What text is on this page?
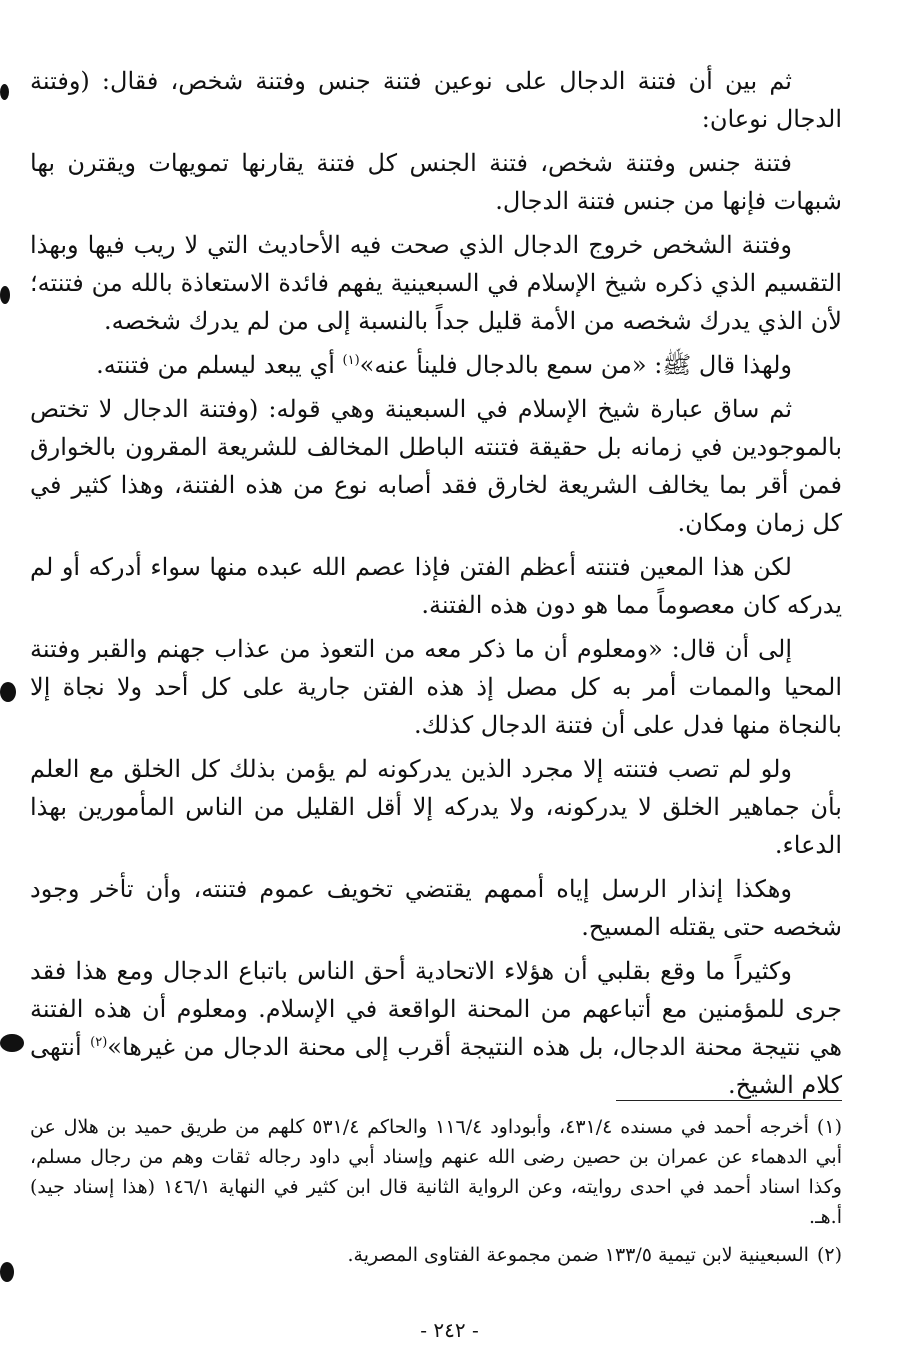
ثم بين أن فتنة الدجال على نوعين فتنة جنس وفتنة شخص، فقال: (وفتنة الدجال نوعان:

فتنة جنس وفتنة شخص، فتنة الجنس كل فتنة يقارنها تمويهات ويقترن بها شبهات فإنها من جنس فتنة الدجال.

وفتنة الشخص خروج الدجال الذي صحت فيه الأحاديث التي لا ريب فيها وبهذا التقسيم الذي ذكره شيخ الإسلام في السبعينية يفهم فائدة الاستعاذة بالله من فتنته؛ لأن الذي يدرك شخصه من الأمة قليل جداً بالنسبة إلى من لم يدرك شخصه.

ولهذا قال ﷺ: «من سمع بالدجال فلينأ عنه»$^{(١)}$ أي يبعد ليسلم من فتنته.

ثم ساق عبارة شيخ الإسلام في السبعينة وهي قوله: (وفتنة الدجال لا تختص بالموجودين في زمانه بل حقيقة فتنته الباطل المخالف للشريعة المقرون بالخوارق فمن أقر بما يخالف الشريعة لخارق فقد أصابه نوع من هذه الفتنة، وهذا كثير في كل زمان ومكان.

لكن هذا المعين فتنته أعظم الفتن فإذا عصم الله عبده منها سواء أدركه أو لم يدركه كان معصوماً مما هو دون هذه الفتنة.

إلى أن قال: «ومعلوم أن ما ذكر معه من التعوذ من عذاب جهنم والقبر وفتنة المحيا والممات أمر به كل مصل إذ هذه الفتن جارية على كل أحد ولا نجاة إلا بالنجاة منها فدل على أن فتنة الدجال كذلك.

ولو لم تصب فتنته إلا مجرد الذين يدركونه لم يؤمن بذلك كل الخلق مع العلم بأن جماهير الخلق لا يدركونه، ولا يدركه إلا أقل القليل من الناس المأمورين بهذا الدعاء.

وهكذا إنذار الرسل إياه أممهم يقتضي تخويف عموم فتنته، وأن تأخر وجود شخصه حتى يقتله المسيح.

وكثيراً ما وقع بقلبي أن هؤلاء الاتحادية أحق الناس باتباع الدجال ومع هذا فقد جرى للمؤمنين مع أتباعهم من المحنة الواقعة في الإسلام. ومعلوم أن هذه الفتنة هي نتيجة محنة الدجال، بل هذه النتيجة أقرب إلى محنة الدجال من غيرها»$^{(٢)}$ أنتهى كلام الشيخ.

(١)أخرجه أحمد في مسنده ٤٣١/٤، وأبوداود ١١٦/٤ والحاكم ٥٣١/٤ كلهم من طريق حميد بن هلال عن أبي الدهماء عن عمران بن حصين رضى الله عنهم وإسناد أبي داود رجاله ثقات وهم من رجال مسلم، وكذا اسناد أحمد في احدى روايته، وعن الرواية الثانية قال ابن كثير في النهاية ١٤٦/١ (هذا إسناد جيد) أ.هـ.

(٢)السبعينية لابن تيمية ١٣٣/٥ ضمن مجموعة الفتاوى المصرية.

- ٢٤٢ -
